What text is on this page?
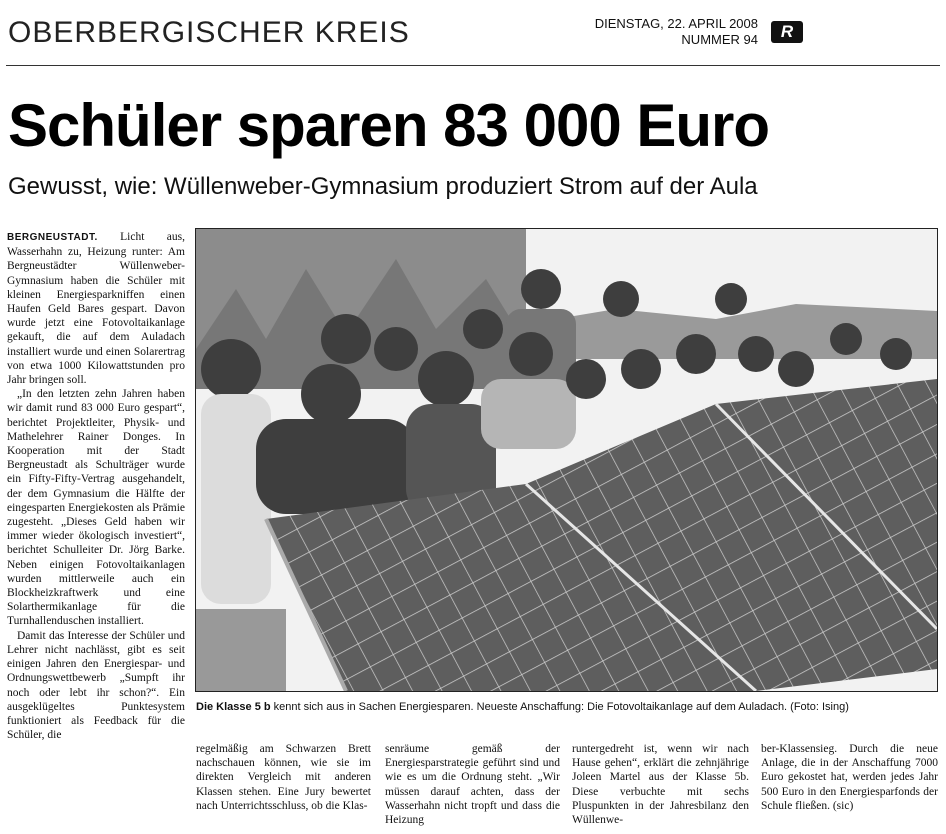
OBERBERGISCHER KREIS	DIENSTAG, 22. APRIL 2008
NUMMER 94	R
Schüler sparen 83 000 Euro
Gewusst, wie: Wüllenweber-Gymnasium produziert Strom auf der Aula

BERGNEUSTADT. Licht aus, Wasserhahn zu, Heizung runter: Am Bergneustädter Wüllenweber-Gymnasium haben die Schüler mit kleinen Energiesparkniffen einen Haufen Geld Bares gespart. Davon wurde jetzt eine Fotovoltaikanlage gekauft, die auf dem Auladach installiert wurde und einen Solarertrag von etwa 1000 Kilowattstunden pro Jahr bringen soll.

„In den letzten zehn Jahren haben wir damit rund 83 000 Euro gespart“, berichtet Projektleiter, Physik- und Mathelehrer Rainer Donges. In Kooperation mit der Stadt Bergneustadt als Schulträger wurde ein Fifty-Fifty-Vertrag ausgehandelt, der dem Gymnasium die Hälfte der eingesparten Energiekosten als Prämie zugesteht. „Dieses Geld haben wir immer wieder ökologisch investiert“, berichtet Schulleiter Dr. Jörg Barke. Neben einigen Fotovoltaikanlagen wurden mittlerweile auch ein Blockheizkraftwerk und eine Solarthermikanlage für die Turnhallenduschen installiert.

Damit das Interesse der Schüler und Lehrer nicht nachlässt, gibt es seit einigen Jahren den Energiespar- und Ordnungswettbewerb „Sumpft ihr noch oder lebt ihr schon?“. Ein ausgeklügeltes Punktesystem funktioniert als Feedback für die Schüler, die

Die Klasse 5 b kennt sich aus in Sachen Energiesparen. Neueste Anschaffung: Die Fotovoltaikanlage auf dem Auladach. (Foto: Ising)
regelmäßig am Schwarzen Brett nachschauen können, wie sie im direkten Vergleich mit anderen Klassen stehen. Eine Jury bewertet nach Unterrichtsschluss, ob die Klas-
senräume gemäß der Energiesparstrategie geführt sind und wie es um die Ordnung steht. „Wir müssen darauf achten, dass der Wasserhahn nicht tropft und dass die Heizung
runtergedreht ist, wenn wir nach Hause gehen“, erklärt die zehnjährige Joleen Martel aus der Klasse 5b. Diese verbuchte mit sechs Pluspunkten in der Jahresbilanz den Wüllenwe-
ber-Klassensieg. Durch die neue Anlage, die in der Anschaffung 7000 Euro gekostet hat, werden jedes Jahr 500 Euro in den Energiesparfonds der Schule fließen. (sic)
